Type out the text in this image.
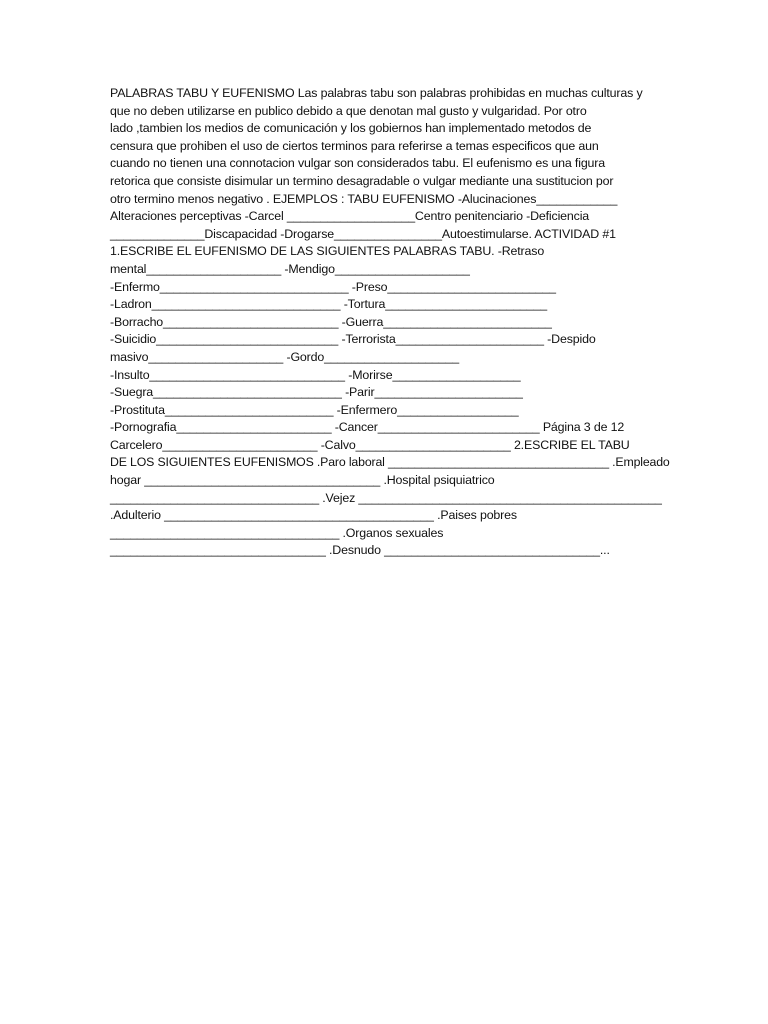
PALABRAS TABU Y EUFENISMO Las palabras tabu son palabras prohibidas en muchas culturas y
que no deben utilizarse en publico debido a que denotan mal gusto y vulgaridad. Por otro
lado ,tambien los medios de comunicación y los gobiernos han implementado metodos de
censura que prohiben el uso de ciertos terminos para referirse a temas especificos que aun
cuando no tienen una connotacion vulgar son considerados tabu. El eufenismo es una figura
retorica que consiste disimular un termino desagradable o vulgar mediante una sustitucion por
otro termino menos negativo . EJEMPLOS : TABU EUFENISMO -Alucinaciones____________
Alteraciones perceptivas -Carcel ___________________Centro penitenciario -Deficiencia
______________Discapacidad -Drogarse________________Autoestimularse. ACTIVIDAD #1
1.ESCRIBE EL EUFENISMO DE LAS SIGUIENTES PALABRAS TABU. -Retraso
mental____________________ -Mendigo____________________
-Enfermo____________________________ -Preso_________________________
-Ladron____________________________ -Tortura________________________
-Borracho__________________________ -Guerra_________________________
-Suicidio___________________________ -Terrorista______________________ -Despido
masivo____________________ -Gordo____________________
-Insulto_____________________________ -Morirse___________________
-Suegra____________________________ -Parir______________________
-Prostituta_________________________ -Enfermero__________________
-Pornografia_______________________ -Cancer________________________ Página 3 de 12
Carcelero_______________________ -Calvo_______________________ 2.ESCRIBE EL TABU
DE LOS SIGUIENTES EUFENISMOS .Paro laboral _________________________________ .Empleado
hogar ___________________________________ .Hospital psiquiatrico
_______________________________ .Vejez _____________________________________________
.Adulterio ________________________________________ .Paises pobres
__________________________________ .Organos sexuales
________________________________ .Desnudo ________________________________...
